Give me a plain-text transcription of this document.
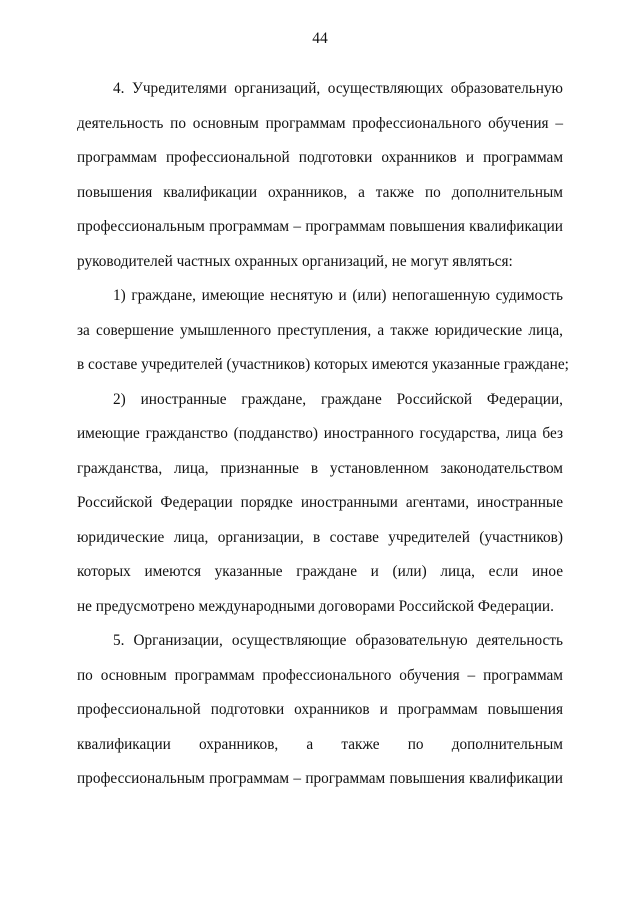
44

4. Учредителями организаций, осуществляющих образовательную
деятельность по основным программам профессионального обучения –
программам профессиональной подготовки охранников и программам
повышения квалификации охранников, а также по дополнительным
профессиональным программам – программам повышения квалификации
руководителей частных охранных организаций, не могут являться:

1) граждане, имеющие неснятую и (или) непогашенную судимость
за совершение умышленного преступления, а также юридические лица,
в составе учредителей (участников) которых имеются указанные граждане;

2) иностранные граждане, граждане Российской Федерации,
имеющие гражданство (подданство) иностранного государства, лица без
гражданства, лица, признанные в установленном законодательством
Российской Федерации порядке иностранными агентами, иностранные
юридические лица, организации, в составе учредителей (участников)
которых имеются указанные граждане и (или) лица, если иное
не предусмотрено международными договорами Российской Федерации.

5. Организации, осуществляющие образовательную деятельность
по основным программам профессионального обучения – программам
профессиональной подготовки охранников и программам повышения
квалификации охранников, а также по дополнительным
профессиональным программам – программам повышения квалификации
